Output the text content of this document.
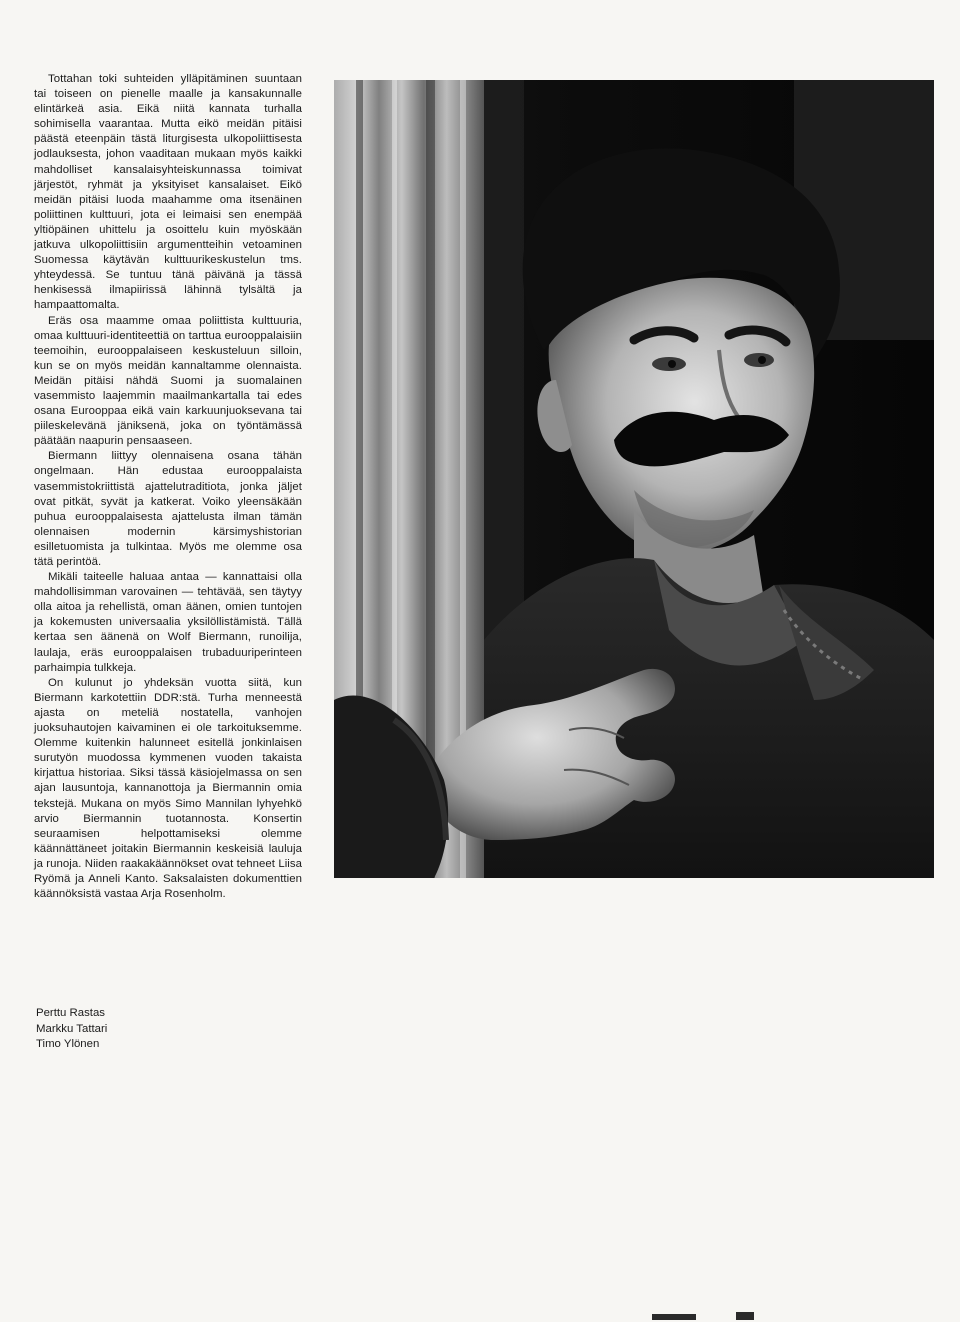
Tottahan toki suhteiden ylläpitäminen suuntaan tai toiseen on pienelle maalle ja kansakunnalle elintärkeä asia. Eikä niitä kannata turhalla sohimisella vaarantaa. Mutta eikö meidän pitäisi päästä eteenpäin tästä liturgisesta ulkopoliittisesta jodlauksesta, johon vaaditaan mukaan myös kaikki mahdolliset kansalaisyhteiskunnassa toimivat järjestöt, ryhmät ja yksityiset kansalaiset. Eikö meidän pitäisi luoda maahamme oma itsenäinen poliittinen kulttuuri, jota ei leimaisi sen enempää yltiöpäinen uhittelu ja osoittelu kuin myöskään jatkuva ulkopoliittisiin argumentteihin vetoaminen Suomessa käytävän kulttuurikeskustelun tms. yhteydessä. Se tuntuu tänä päivänä ja tässä henkisessä ilmapiirissä lähinnä tylsältä ja hampaattomalta.

Eräs osa maamme omaa poliittista kulttuuria, omaa kulttuuri-identiteettiä on tarttua eurooppalaisiin teemoihin, eurooppalaiseen keskusteluun silloin, kun se on myös meidän kannaltamme olennaista. Meidän pitäisi nähdä Suomi ja suomalainen vasemmisto laajemmin maailmankartalla tai edes osana Eurooppaa eikä vain karkuunjuoksevana tai piileskelevänä jäniksenä, joka on työntämässä päätään naapurin pensaaseen.

Biermann liittyy olennaisena osana tähän ongelmaan. Hän edustaa eurooppalaista vasemmistokriittistä ajattelutraditiota, jonka jäljet ovat pitkät, syvät ja katkerat. Voiko yleensäkään puhua eurooppalaisesta ajattelusta ilman tämän olennaisen modernin kärsimyshistorian esilletuomista ja tulkintaa. Myös me olemme osa tätä perintöä.

Mikäli taiteelle haluaa antaa — kannattaisi olla mahdollisimman varovainen — tehtävää, sen täytyy olla aitoa ja rehellistä, oman äänen, omien tuntojen ja kokemusten universaalia yksilöllistämistä. Tällä kertaa sen äänenä on Wolf Biermann, runoilija, laulaja, eräs eurooppalaisen trubaduuriperinteen parhaimpia tulkkeja.

On kulunut jo yhdeksän vuotta siitä, kun Biermann karkotettiin DDR:stä. Turha menneestä ajasta on meteliä nostatella, vanhojen juoksuhautojen kaivaminen ei ole tarkoituksemme. Olemme kuitenkin halunneet esitellä jonkinlaisen surutyön muodossa kymmenen vuoden takaista kirjattua historiaa. Siksi tässä käsiojelmassa on sen ajan lausuntoja, kannanottoja ja Biermannin omia tekstejä. Mukana on myös Simo Mannilan lyhyehkö arvio Biermannin tuotannosta. Konsertin seuraamisen helpottamiseksi olemme käännättäneet joitakin Biermannin keskeisiä lauluja ja runoja. Niiden raakakäännökset ovat tehneet Liisa Ryömä ja Anneli Kanto. Saksalaisten dokumenttien käännöksistä vastaa Arja Rosenholm.

Perttu Rastas
Markku Tattari
Timo Ylönen
